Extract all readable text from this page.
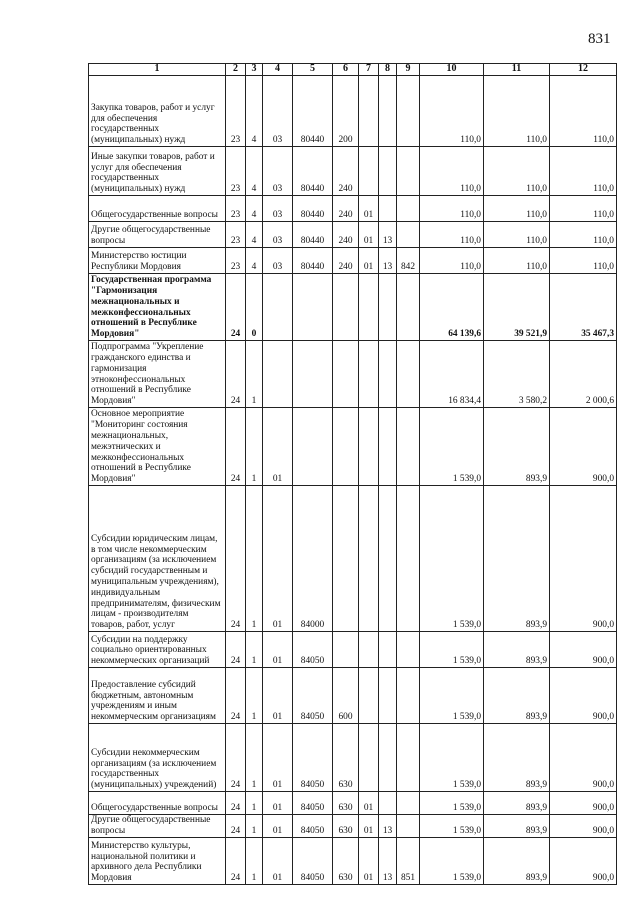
831
1	2	3	4	5	6	7	8	9	10	11	12
Закупка товаров, работ и услуг для обеспечения государственных (муниципальных) нужд	23	4	03	80440	200				110,0	110,0	110,0
Иные закупки товаров, работ и услуг для обеспечения государственных (муниципальных) нужд	23	4	03	80440	240				110,0	110,0	110,0
Общегосударственные вопросы	23	4	03	80440	240	01			110,0	110,0	110,0
Другие общегосударственные вопросы	23	4	03	80440	240	01	13		110,0	110,0	110,0
Министерство юстиции Республики Мордовия	23	4	03	80440	240	01	13	842	110,0	110,0	110,0
Государственная программа "Гармонизация межнациональных и межконфессиональных отношений в Республике Мордовия"	24	0							64 139,6	39 521,9	35 467,3
Подпрограмма "Укрепление гражданского единства и гармонизация этноконфессиональных отношений в Республике Мордовия"	24	1							16 834,4	3 580,2	2 000,6
Основное мероприятие "Мониторинг состояния межнациональных, межэтнических и межконфессиональных отношений в Республике Мордовия"	24	1	01						1 539,0	893,9	900,0
Субсидии юридическим лицам, в том числе некоммерческим организациям (за исключением субсидий государственным и муниципальным учреждениям), индивидуальным предпринимателям, физическим лицам - производителям товаров, работ, услуг	24	1	01	84000					1 539,0	893,9	900,0
Субсидии на поддержку социально ориентированных некоммерческих организаций	24	1	01	84050					1 539,0	893,9	900,0
Предоставление субсидий бюджетным, автономным учреждениям и иным некоммерческим организациям	24	1	01	84050	600				1 539,0	893,9	900,0
Субсидии некоммерческим организациям (за исключением государственных (муниципальных) учреждений)	24	1	01	84050	630				1 539,0	893,9	900,0
Общегосударственные вопросы	24	1	01	84050	630	01			1 539,0	893,9	900,0
Другие общегосударственные вопросы	24	1	01	84050	630	01	13		1 539,0	893,9	900,0
Министерство культуры, национальной политики и архивного дела Республики Мордовия	24	1	01	84050	630	01	13	851	1 539,0	893,9	900,0
